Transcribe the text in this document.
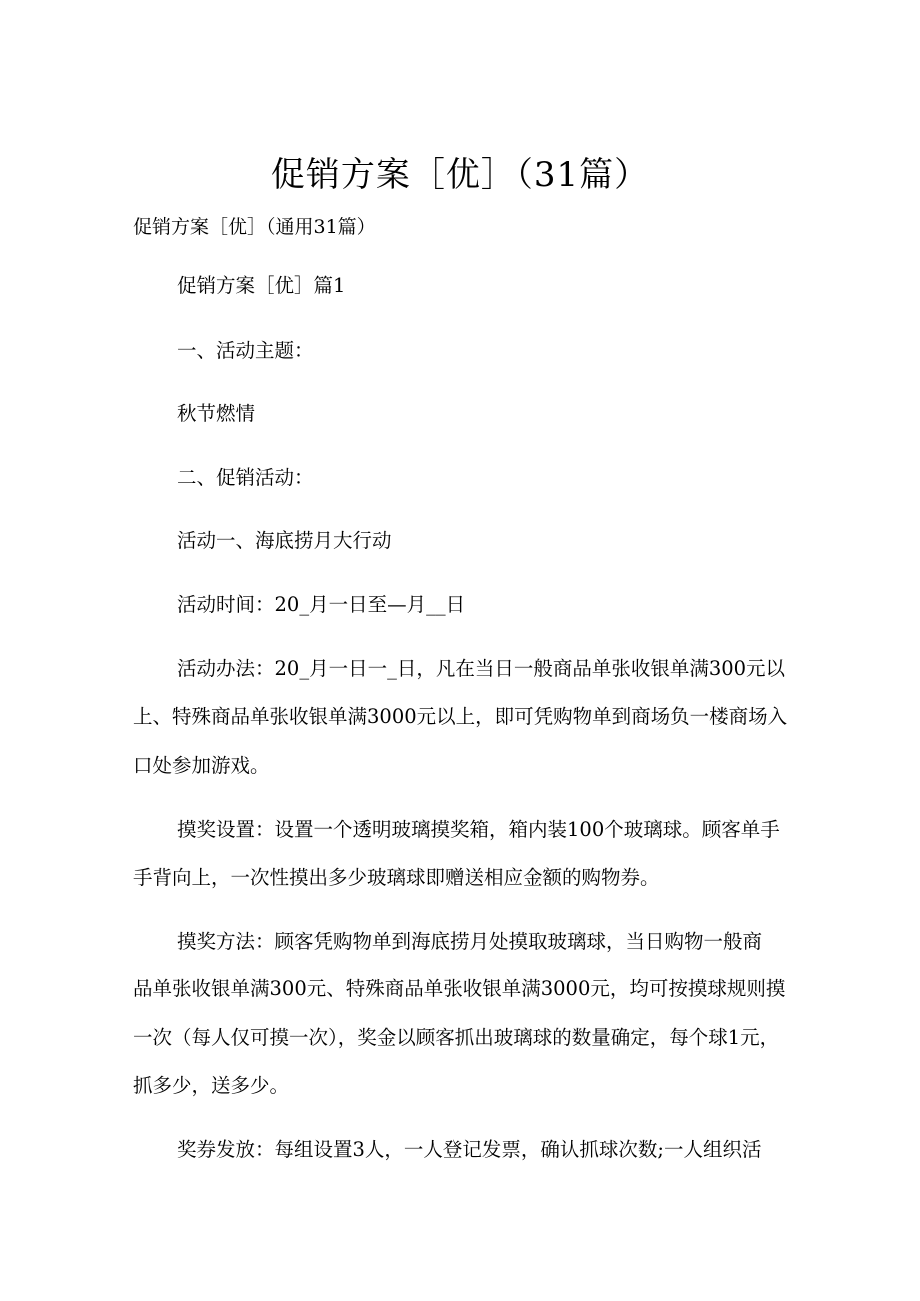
促销方案［优］（31篇）
促销方案［优］（通用31篇）
促销方案［优］篇1
一、活动主题：
秋节燃情
二、促销活动：
活动一、海底捞月大行动
活动时间：20_月一日至—月__日
活动办法：20_月一日一_日，凡在当日一般商品单张收银单满300元以
上、特殊商品单张收银单满3000元以上，即可凭购物单到商场负一楼商场入
口处参加游戏。
摸奖设置：设置一个透明玻璃摸奖箱，箱内装100个玻璃球。顾客单手
手背向上，一次性摸出多少玻璃球即赠送相应金额的购物券。
摸奖方法：顾客凭购物单到海底捞月处摸取玻璃球，当日购物一般商
品单张收银单满300元、特殊商品单张收银单满3000元，均可按摸球规则摸
一次（每人仅可摸一次），奖金以顾客抓出玻璃球的数量确定，每个球1元，
抓多少，送多少。
奖券发放：每组设置3人，一人登记发票，确认抓球次数;一人组织活
